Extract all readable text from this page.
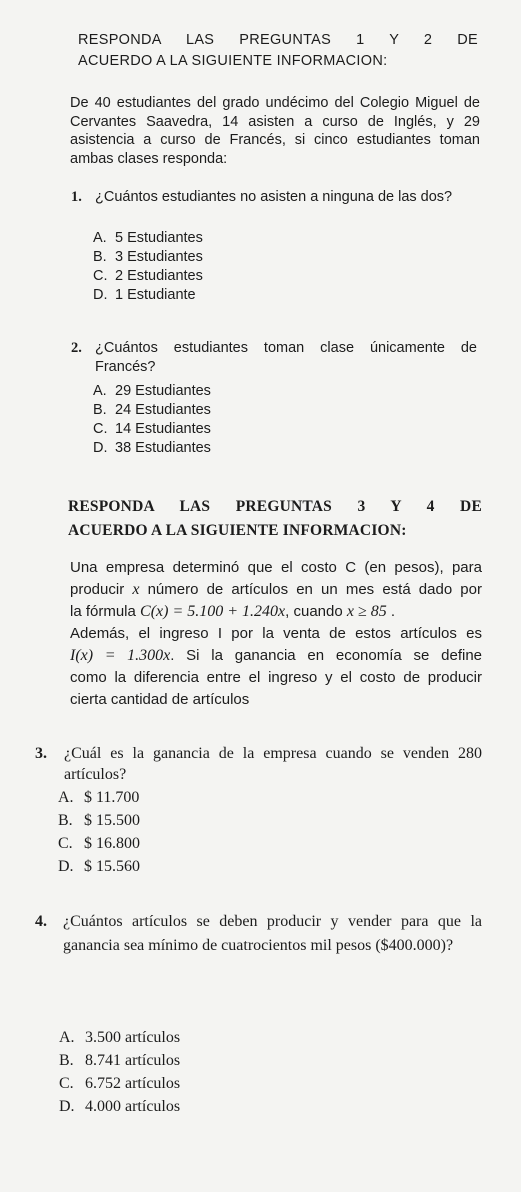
RESPONDA LAS PREGUNTAS 1 Y 2 DE
ACUERDO A LA SIGUIENTE INFORMACION:
De 40 estudiantes del grado undécimo del Colegio Miguel de Cervantes Saavedra, 14 asisten a curso de Inglés, y 29 asistencia a curso de Francés, si cinco estudiantes toman ambas clases responda:
1. ¿Cuántos estudiantes no asisten a ninguna de las dos?
A. 5 Estudiantes
B. 3 Estudiantes
C. 2 Estudiantes
D. 1 Estudiante
2. ¿Cuántos estudiantes toman clase únicamente de Francés?
A. 29 Estudiantes
B. 24 Estudiantes
C. 14 Estudiantes
D. 38 Estudiantes
RESPONDA LAS PREGUNTAS 3 Y 4 DE
ACUERDO A LA SIGUIENTE INFORMACION:
Una empresa determinó que el costo C (en pesos), para
producir x número de artículos en un mes está dado por
la fórmula C(x) = 5.100 + 1.240x, cuando x ≥ 85 .
Además, el ingreso I por la venta de estos artículos es
I(x) = 1.300x. Si la ganancia en economía se define
como la diferencia entre el ingreso y el costo de producir
cierta cantidad de artículos
3. ¿Cuál es la ganancia de la empresa cuando se venden 280 artículos?
A. $ 11.700
B. $ 15.500
C. $ 16.800
D. $ 15.560
4. ¿Cuántos artículos se deben producir y vender para que la ganancia sea mínimo de cuatrocientos mil pesos ($400.000)?
A. 3.500 artículos
B. 8.741 artículos
C. 6.752 artículos
D. 4.000 artículos
